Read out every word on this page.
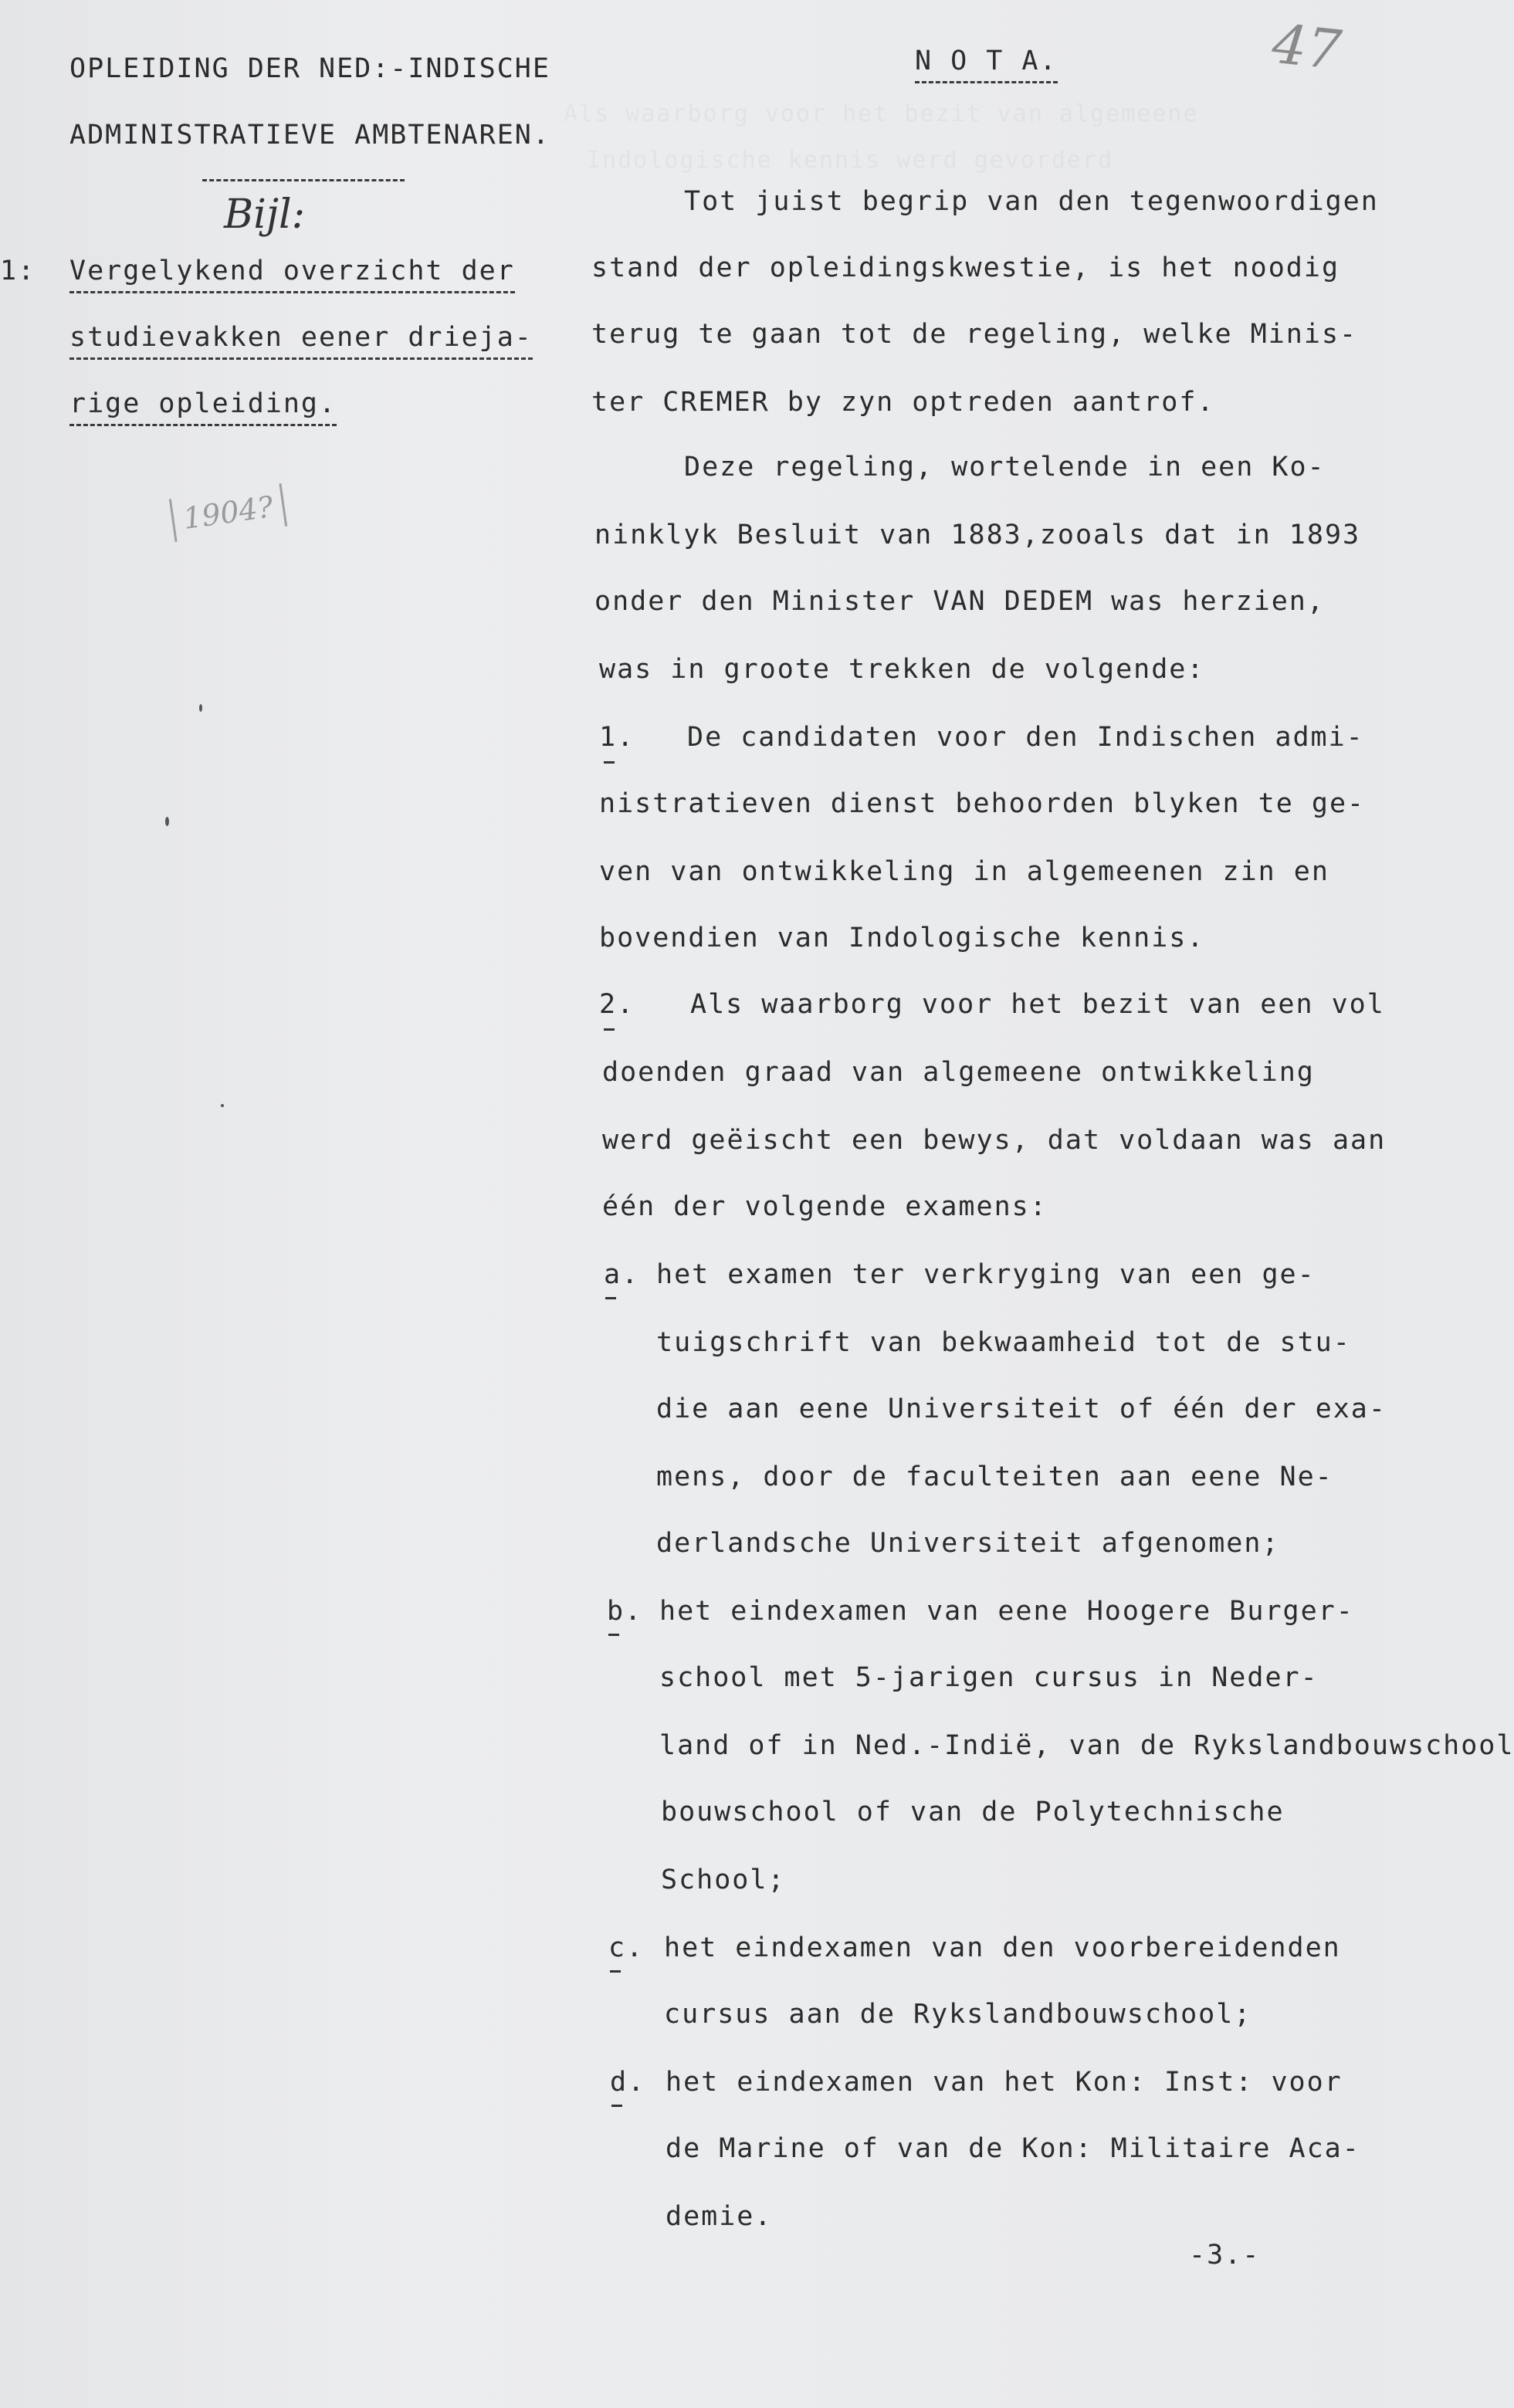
Als waarborg voor het bezit van algemeene
Indologische kennis werd gevorderd
OPLEIDING DER NED:-INDISCHE
ADMINISTRATIEVE AMBTENAREN.
N O T A.	47
Bijl:
1: Vergelykend overzicht der
studievakken eener drieja-
rige opleiding.
1904?
Tot juist begrip van den tegenwoordigen
stand der opleidingskwestie, is het noodig
terug te gaan tot de regeling, welke Minis-
ter CREMER by zyn optreden aantrof.
Deze regeling, wortelende in een Ko-
ninklyk Besluit van 1883,zooals dat in 1893
onder den Minister VAN DEDEM was herzien,
was in groote trekken de volgende:
1. De candidaten voor den Indischen admi-
nistratieven dienst behoorden blyken te ge-
ven van ontwikkeling in algemeenen zin en
bovendien van Indologische kennis.
2. Als waarborg voor het bezit van een vol
doenden graad van algemeene ontwikkeling
werd geëischt een bewys, dat voldaan was aan
één der volgende examens:
a. het examen ter verkryging van een ge-
tuigschrift van bekwaamheid tot de stu-
die aan eene Universiteit of één der exa-
mens, door de faculteiten aan eene Ne-
derlandsche Universiteit afgenomen;
b. het eindexamen van eene Hoogere Burger-
school met 5-jarigen cursus in Neder-
land of in Ned.-Indië, van de Rykslandbouwschool
bouwschool of van de Polytechnische
School;
c. het eindexamen van den voorbereidenden
cursus aan de Rykslandbouwschool;
d. het eindexamen van het Kon: Inst: voor
de Marine of van de Kon: Militaire Aca-
demie.
-3.-
